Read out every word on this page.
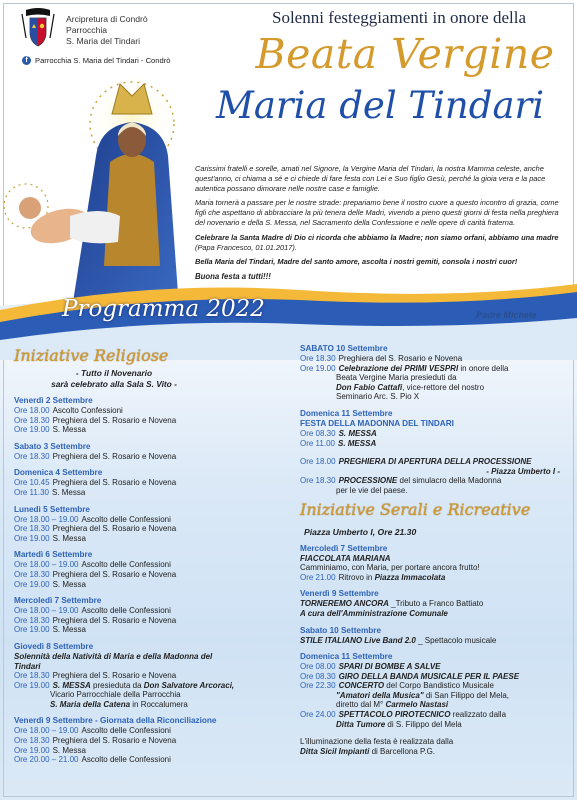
Arcipretura di Condrò
Parrocchia
S. Maria del Tindari
f Parrocchia S. Maria del Tindari - Condrò
Solenni festeggiamenti in onore della
Beata Vergine
Maria del Tindari

Carissimi fratelli e sorelle, amati nel Signore, la Vergine Maria del Tindari, la nostra Mamma celeste, anche quest'anno, ci chiama a sé e ci chiede di fare festa con Lei e Suo figlio Gesù, perché la gioia vera e la pace autentica possano dimorare nelle nostre case e famiglie.

Maria tornerà a passare per le nostre strade: prepariamo bene il nostro cuore a questo incontro di grazia, come figli che aspettano di abbracciare la più tenera delle Madri, vivendo a pieno questi giorni di festa nella preghiera del novenario e della S. Messa, nel Sacramento della Confessione e nelle opere di carità fraterna.

Celebrare la Santa Madre di Dio ci ricorda che abbiamo la Madre; non siamo orfani, abbiamo una madre (Papa Francesco, 01.01.2017).

Bella Maria del Tindari, Madre del santo amore, ascolta i nostri gemiti, consola i nostri cuor!

Buona festa a tutti!!!

Programma 2022	Padre Michele
Iniziative Religiose
- Tutto il Novenario
sarà celebrato alla Sala S. Vito -
Venerdì 2 Settembre
Ore 18.00 Ascolto Confessioni
Ore 18.30 Preghiera del S. Rosario e Novena
Ore 19.00 S. Messa
Sabato 3 Settembre
Ore 18.30 Preghiera del S. Rosario e Novena
Domenica 4 Settembre
Ore 10.45 Preghiera del S. Rosario e Novena
Ore 11.30 S. Messa
Lunedì 5 Settembre
Ore 18.00 – 19.00 Ascolto delle Confessioni
Ore 18.30 Preghiera del S. Rosario e Novena
Ore 19.00 S. Messa
Martedì 6 Settembre
Ore 18.00 – 19.00 Ascolto delle Confessioni
Ore 18.30 Preghiera del S. Rosario e Novena
Ore 19.00 S. Messa
Mercoledì 7 Settembre
Ore 18.00 – 19.00 Ascolto delle Confessioni
Ore 18.30 Preghiera del S. Rosario e Novena
Ore 19.00 S. Messa
Giovedì 8 Settembre
Solennità della Natività di Maria e della Madonna del Tindari
Ore 18.30 Preghiera del S. Rosario e Novena
Ore 19.00 S. MESSA presieduta da Don Salvatore Arcoraci,
Vicario Parrocchiale della Parrocchia
S. Maria della Catena in Roccalumera
Venerdì 9 Settembre - Giornata della Riconciliazione
Ore 18.00 – 19.00 Ascolto delle Confessioni
Ore 18.30 Preghiera del S. Rosario e Novena
Ore 19.00 S. Messa
Ore 20.00 – 21.00 Ascolto delle Confessioni
SABATO 10 Settembre
Ore 18.30 Preghiera del S. Rosario e Novena
Ore 19.00 Celebrazione dei PRIMI VESPRI in onore della
Beata Vergine Maria presieduti da
Don Fabio Cattafi, vice-rettore del nostro
Seminario Arc. S. Pio X
Domenica 11 Settembre
FESTA DELLA MADONNA DEL TINDARI
Ore 08.30 S. MESSA
Ore 11.00 S. MESSA
Ore 18.00 PREGHIERA DI APERTURA DELLA PROCESSIONE
- Piazza Umberto I -
Ore 18.30 PROCESSIONE del simulacro della Madonna
per le vie del paese.
Iniziative Serali e Ricreative
Piazza Umberto I, Ore 21.30
Mercoledì 7 Settembre
FIACCOLATA MARIANA
Camminiamo, con Maria, per portare ancora frutto!
Ore 21.00 Ritrovo in Piazza Immacolata
Venerdì 9 Settembre
TORNEREMO ANCORA _Tributo a Franco Battiato
A cura dell'Amministrazione Comunale
Sabato 10 Settembre
STILE ITALIANO Live Band 2.0 _ Spettacolo musicale
Domenica 11 Settembre
Ore 08.00 SPARI DI BOMBE A SALVE
Ore 08.30 GIRO DELLA BANDA MUSICALE PER IL PAESE
Ore 22.30 CONCERTO del Corpo Bandistico Musicale
"Amatori della Musica" di San Filippo del Mela,
diretto dal M° Carmelo Nastasi
Ore 24.00 SPETTACOLO PIROTECNICO realizzato dalla
Ditta Tumore di S. Filippo del Mela
L'illuminazione della festa è realizzata dalla
Ditta Sicil Impianti di Barcellona P.G.
